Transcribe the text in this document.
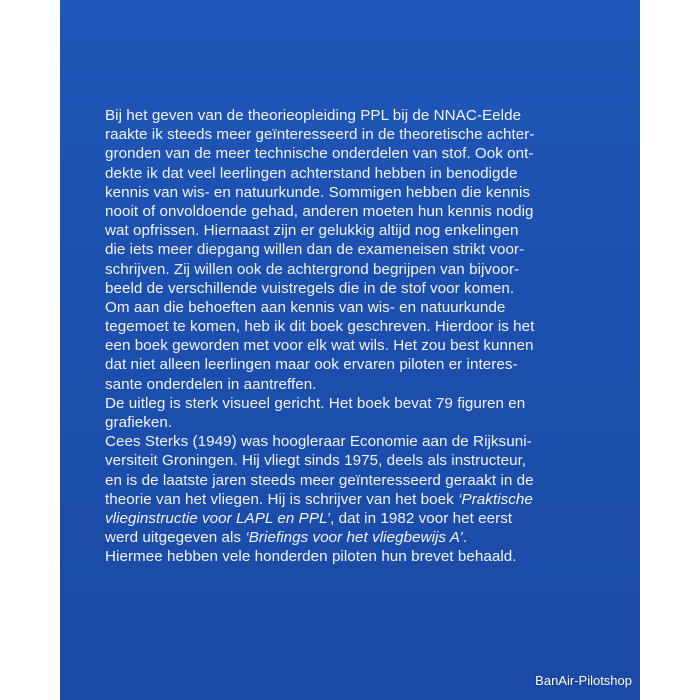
Bij het geven van de theorieopleiding PPL bij de NNAC-Eelde
raakte ik steeds meer geïnteresseerd in de theoretische achter-
gronden van de meer technische onderdelen van stof. Ook ont-
dekte ik dat veel leerlingen achterstand hebben in benodigde
kennis van wis- en natuurkunde. Sommigen hebben die kennis
nooit of onvoldoende gehad, anderen moeten hun kennis nodig
wat opfrissen. Hiernaast zijn er gelukkig altijd nog enkelingen
die iets meer diepgang willen dan de exameneisen strikt voor-
schrijven. Zij willen ook de achtergrond begrijpen van bijvoor-
beeld de verschillende vuistregels die in de stof voor komen.
Om aan die behoeften aan kennis van wis- en natuurkunde
tegemoet te komen, heb ik dit boek geschreven. Hierdoor is het
een boek geworden met voor elk wat wils. Het zou best kunnen
dat niet alleen leerlingen maar ook ervaren piloten er interes-
sante onderdelen in aantreffen.
De uitleg is sterk visueel gericht. Het boek bevat 79 figuren en
grafieken.
Cees Sterks (1949) was hoogleraar Economie aan de Rijksuni-
versiteit Groningen. Hij vliegt sinds 1975, deels als instructeur,
en is de laatste jaren steeds meer geïnteresseerd geraakt in de
theorie van het vliegen. Hij is schrijver van het boek ‘Praktische
vlieginstructie voor LAPL en PPL’, dat in 1982 voor het eerst
werd uitgegeven als ‘Briefings voor het vliegbewijs A’.
Hiermee hebben vele honderden piloten hun brevet behaald.
BanAir-Pilotshop
